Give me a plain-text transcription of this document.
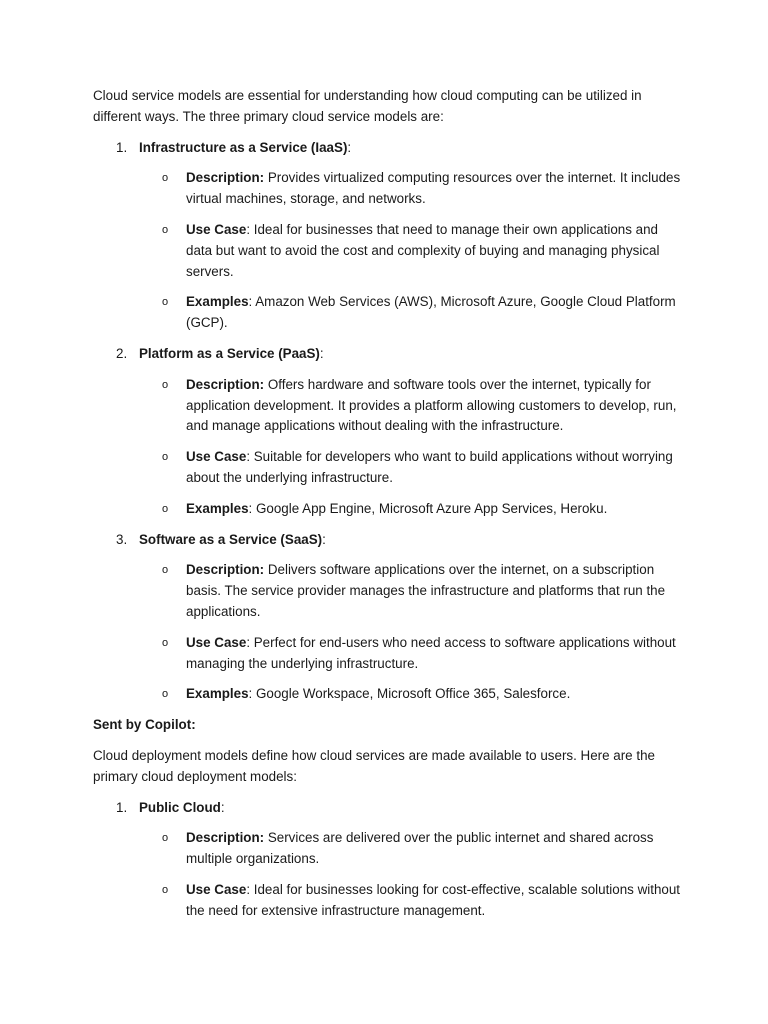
Cloud service models are essential for understanding how cloud computing can be utilized in different ways. The three primary cloud service models are:

1. Infrastructure as a Service (IaaS):
o Description: Provides virtualized computing resources over the internet. It includes virtual machines, storage, and networks.
o Use Case: Ideal for businesses that need to manage their own applications and data but want to avoid the cost and complexity of buying and managing physical servers.
o Examples: Amazon Web Services (AWS), Microsoft Azure, Google Cloud Platform (GCP).
2. Platform as a Service (PaaS):
o Description: Offers hardware and software tools over the internet, typically for application development. It provides a platform allowing customers to develop, run, and manage applications without dealing with the infrastructure.
o Use Case: Suitable for developers who want to build applications without worrying about the underlying infrastructure.
o Examples: Google App Engine, Microsoft Azure App Services, Heroku.
3. Software as a Service (SaaS):
o Description: Delivers software applications over the internet, on a subscription basis. The service provider manages the infrastructure and platforms that run the applications.
o Use Case: Perfect for end-users who need access to software applications without managing the underlying infrastructure.
o Examples: Google Workspace, Microsoft Office 365, Salesforce.

Sent by Copilot:

Cloud deployment models define how cloud services are made available to users. Here are the primary cloud deployment models:

1. Public Cloud:
o Description: Services are delivered over the public internet and shared across multiple organizations.
o Use Case: Ideal for businesses looking for cost-effective, scalable solutions without the need for extensive infrastructure management.
